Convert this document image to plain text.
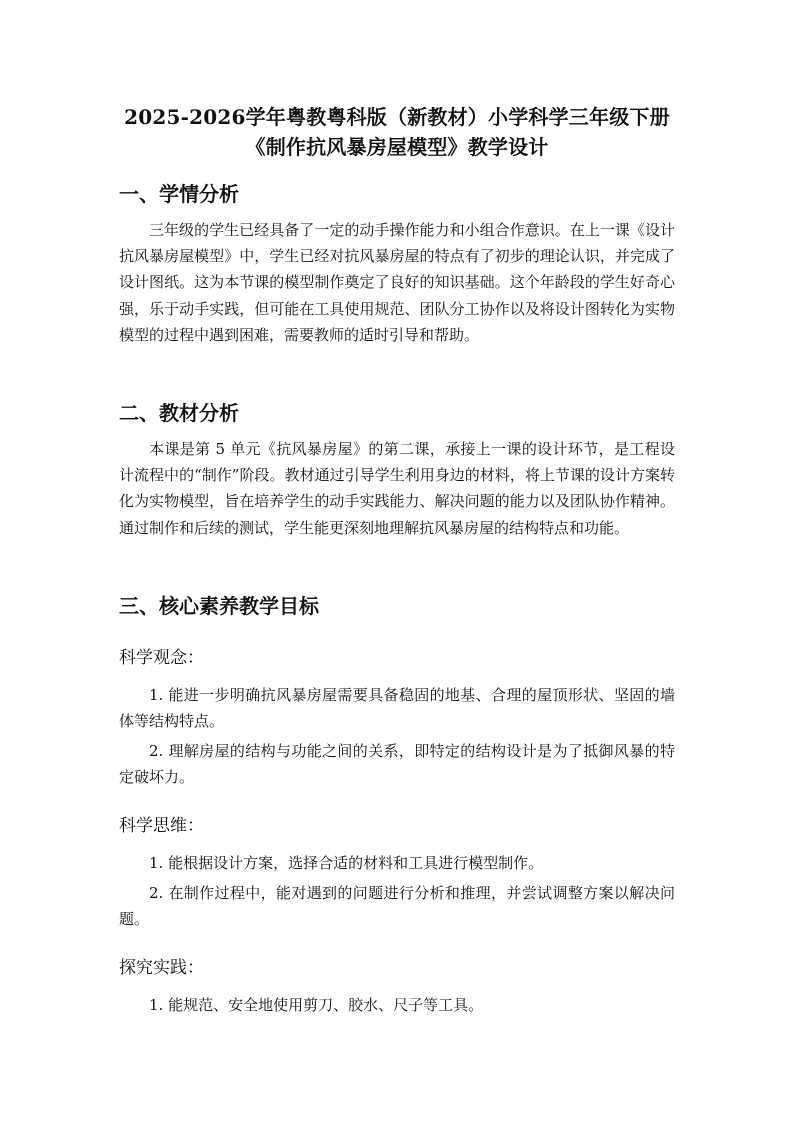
2025-2026学年粤教粤科版（新教材）小学科学三年级下册
《制作抗风暴房屋模型》教学设计
一、学情分析
三年级的学生已经具备了一定的动手操作能力和小组合作意识。在上一课《设计抗风暴房屋模型》中，学生已经对抗风暴房屋的特点有了初步的理论认识，并完成了设计图纸。这为本节课的模型制作奠定了良好的知识基础。这个年龄段的学生好奇心强，乐于动手实践，但可能在工具使用规范、团队分工协作以及将设计图转化为实物模型的过程中遇到困难，需要教师的适时引导和帮助。
二、教材分析
本课是第 5 单元《抗风暴房屋》的第二课，承接上一课的设计环节，是工程设计流程中的“制作”阶段。教材通过引导学生利用身边的材料，将上节课的设计方案转化为实物模型，旨在培养学生的动手实践能力、解决问题的能力以及团队协作精神。通过制作和后续的测试，学生能更深刻地理解抗风暴房屋的结构特点和功能。
三、核心素养教学目标
科学观念：
1. 能进一步明确抗风暴房屋需要具备稳固的地基、合理的屋顶形状、坚固的墙体等结构特点。
2. 理解房屋的结构与功能之间的关系，即特定的结构设计是为了抵御风暴的特定破坏力。
科学思维：
1. 能根据设计方案，选择合适的材料和工具进行模型制作。
2. 在制作过程中，能对遇到的问题进行分析和推理，并尝试调整方案以解决问题。
探究实践：
1. 能规范、安全地使用剪刀、胶水、尺子等工具。
